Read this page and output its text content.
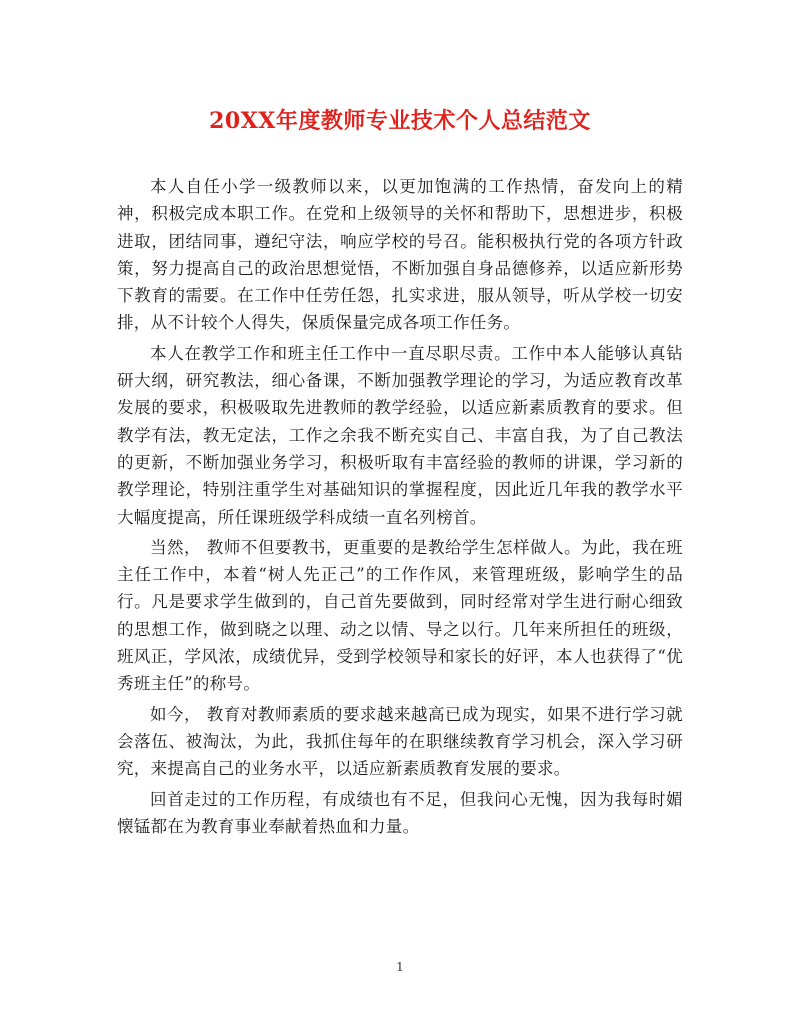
20XX年度教师专业技术个人总结范文

本人自任小学一级教师以来，以更加饱满的工作热情，奋发向上的精神，积极完成本职工作。在党和上级领导的关怀和帮助下，思想进步，积极进取，团结同事，遵纪守法，响应学校的号召。能积极执行党的各项方针政策，努力提高自己的政治思想觉悟，不断加强自身品德修养，以适应新形势下教育的需要。在工作中任劳任怨，扎实求进，服从领导，听从学校一切安排，从不计较个人得失，保质保量完成各项工作任务。

本人在教学工作和班主任工作中一直尽职尽责。工作中本人能够认真钻研大纲，研究教法，细心备课，不断加强教学理论的学习，为适应教育改革发展的要求，积极吸取先进教师的教学经验，以适应新素质教育的要求。但教学有法，教无定法，工作之余我不断充实自己、丰富自我，为了自己教法的更新，不断加强业务学习，积极听取有丰富经验的教师的讲课，学习新的教学理论，特别注重学生对基础知识的掌握程度，因此近几年我的教学水平大幅度提高，所任课班级学科成绩一直名列榜首。

当然， 教师不但要教书，更重要的是教给学生怎样做人。为此，我在班主任工作中，本着“树人先正己”的工作作风，来管理班级，影响学生的品行。凡是要求学生做到的，自己首先要做到，同时经常对学生进行耐心细致的思想工作，做到晓之以理、动之以情、导之以行。几年来所担任的班级，班风正，学风浓，成绩优异，受到学校领导和家长的好评，本人也获得了“优秀班主任”的称号。

如今， 教育对教师素质的要求越来越高已成为现实，如果不进行学习就会落伍、被淘汰，为此，我抓住每年的在职继续教育学习机会，深入学习研究，来提高自己的业务水平，以适应新素质教育发展的要求。

回首走过的工作历程，有成绩也有不足，但我问心无愧，因为我每时媚懐锰都在为教育事业奉献着热血和力量。

1
